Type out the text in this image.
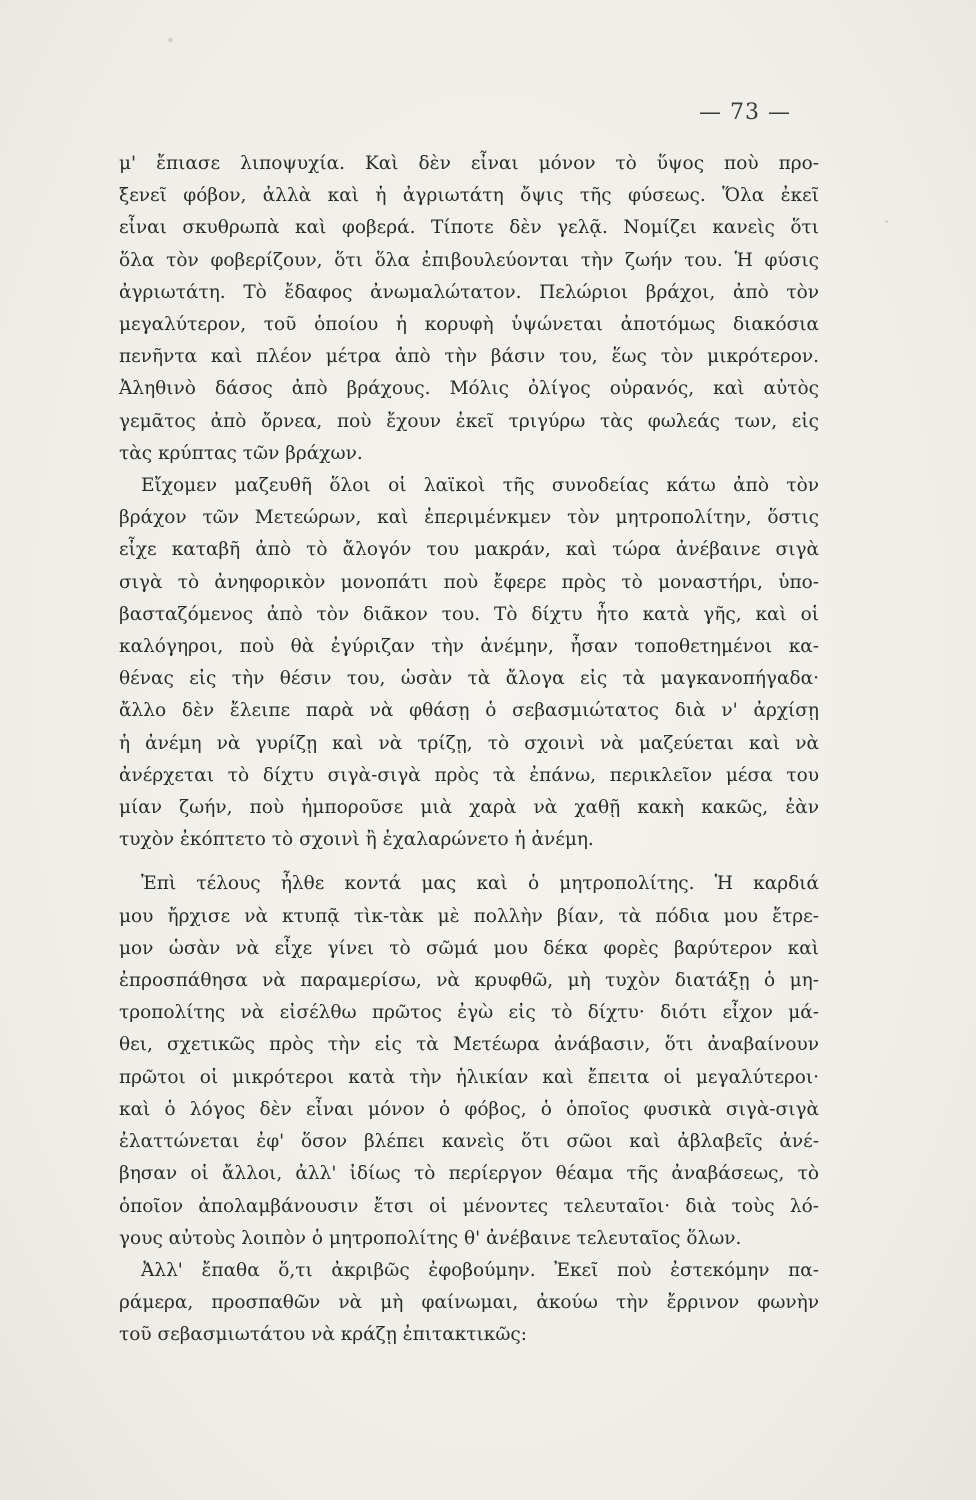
— 73 —
μ' ἔπιασε λιποψυχία. Καὶ δὲν εἶναι μόνον τὸ ὕψος ποὺ προ-
ξενεῖ φόβον, ἀλλὰ καὶ ἡ ἀγριωτάτη ὄψις τῆς φύσεως. Ὅλα ἐκεῖ
εἶναι σκυθρωπὰ καὶ φοβερά. Τίποτε δὲν γελᾷ. Νομίζει κανεὶς ὅτι
ὅλα τὸν φοβερίζουν, ὅτι ὅλα ἐπιβουλεύονται τὴν ζωήν του. Ἡ φύσις
ἀγριωτάτη. Τὸ ἔδαφος ἀνωμαλώτατον. Πελώριοι βράχοι, ἀπὸ τὸν
μεγαλύτερον, τοῦ ὁποίου ἡ κορυφὴ ὑψώνεται ἀποτόμως διακόσια
πενῆντα καὶ πλέον μέτρα ἀπὸ τὴν βάσιν του, ἕως τὸν μικρότερον.
Ἀληθινὸ δάσος ἀπὸ βράχους. Μόλις ὀλίγος οὐρανός, καὶ αὐτὸς
γεμᾶτος ἀπὸ ὄρνεα, ποὺ ἔχουν ἐκεῖ τριγύρω τὰς φωλεάς των, εἰς
τὰς κρύπτας τῶν βράχων.
Εἴχομεν μαζευθῆ ὅλοι οἱ λαϊκοὶ τῆς συνοδείας κάτω ἀπὸ τὸν
βράχον τῶν Μετεώρων, καὶ ἐπεριμένκμεν τὸν μητροπολίτην, ὅστις
εἶχε καταβῆ ἀπὸ τὸ ἄλογόν του μακράν, καὶ τώρα ἀνέβαινε σιγὰ
σιγὰ τὸ ἀνηφορικὸν μονοπάτι ποὺ ἔφερε πρὸς τὸ μοναστήρι, ὑπο-
βασταζόμενος ἀπὸ τὸν διᾶκον του. Τὸ δίχτυ ἦτο κατὰ γῆς, καὶ οἱ
καλόγηροι, ποὺ θὰ ἐγύριζαν τὴν ἀνέμην, ἦσαν τοποθετημένοι κα-
θένας εἰς τὴν θέσιν του, ὡσὰν τὰ ἄλογα εἰς τὰ μαγκανοπήγαδα·
ἄλλο δὲν ἔλειπε παρὰ νὰ φθάσῃ ὁ σεβασμιώτατος διὰ ν' ἀρχίσῃ
ἡ ἀνέμη νὰ γυρίζῃ καὶ νὰ τρίζῃ, τὸ σχοινὶ νὰ μαζεύεται καὶ νὰ
ἀνέρχεται τὸ δίχτυ σιγὰ-σιγὰ πρὸς τὰ ἐπάνω, περικλεῖον μέσα του
μίαν ζωήν, ποὺ ἠμποροῦσε μιὰ χαρὰ νὰ χαθῇ κακὴ κακῶς, ἐὰν
τυχὸν ἐκόπτετο τὸ σχοινὶ ἢ ἐχαλαρώνετο ἡ ἀνέμη.
Ἐπὶ τέλους ἦλθε κοντά μας καὶ ὁ μητροπολίτης. Ἡ καρδιά
μου ἤρχισε νὰ κτυπᾷ τὶκ-τὰκ μὲ πολλὴν βίαν, τὰ πόδια μου ἔτρε-
μον ὡσὰν νὰ εἶχε γίνει τὸ σῶμά μου δέκα φορὲς βαρύτερον καὶ
ἐπροσπάθησα νὰ παραμερίσω, νὰ κρυφθῶ, μὴ τυχὸν διατάξῃ ὁ μη-
τροπολίτης νὰ εἰσέλθω πρῶτος ἐγὼ εἰς τὸ δίχτυ· διότι εἶχον μά-
θει, σχετικῶς πρὸς τὴν εἰς τὰ Μετέωρα ἀνάβασιν, ὅτι ἀναβαίνουν
πρῶτοι οἱ μικρότεροι κατὰ τὴν ἡλικίαν καὶ ἔπειτα οἱ μεγαλύτεροι·
καὶ ὁ λόγος δὲν εἶναι μόνον ὁ φόβος, ὁ ὁποῖος φυσικὰ σιγὰ-σιγὰ
ἐλαττώνεται ἐφ' ὅσον βλέπει κανεὶς ὅτι σῶοι καὶ ἀβλαβεῖς ἀνέ-
βησαν οἱ ἄλλοι, ἀλλ' ἰδίως τὸ περίεργον θέαμα τῆς ἀναβάσεως, τὸ
ὁποῖον ἀπολαμβάνουσιν ἔτσι οἱ μένοντες τελευταῖοι· διὰ τοὺς λό-
γους αὐτοὺς λοιπὸν ὁ μητροπολίτης θ' ἀνέβαινε τελευταῖος ὅλων.
Ἀλλ' ἔπαθα ὅ,τι ἀκριβῶς ἐφοβούμην. Ἐκεῖ ποὺ ἐστεκόμην πα-
ράμερα, προσπαθῶν νὰ μὴ φαίνωμαι, ἀκούω τὴν ἔρρινον φωνὴν
τοῦ σεβασμιωτάτου νὰ κράζῃ ἐπιτακτικῶς:
